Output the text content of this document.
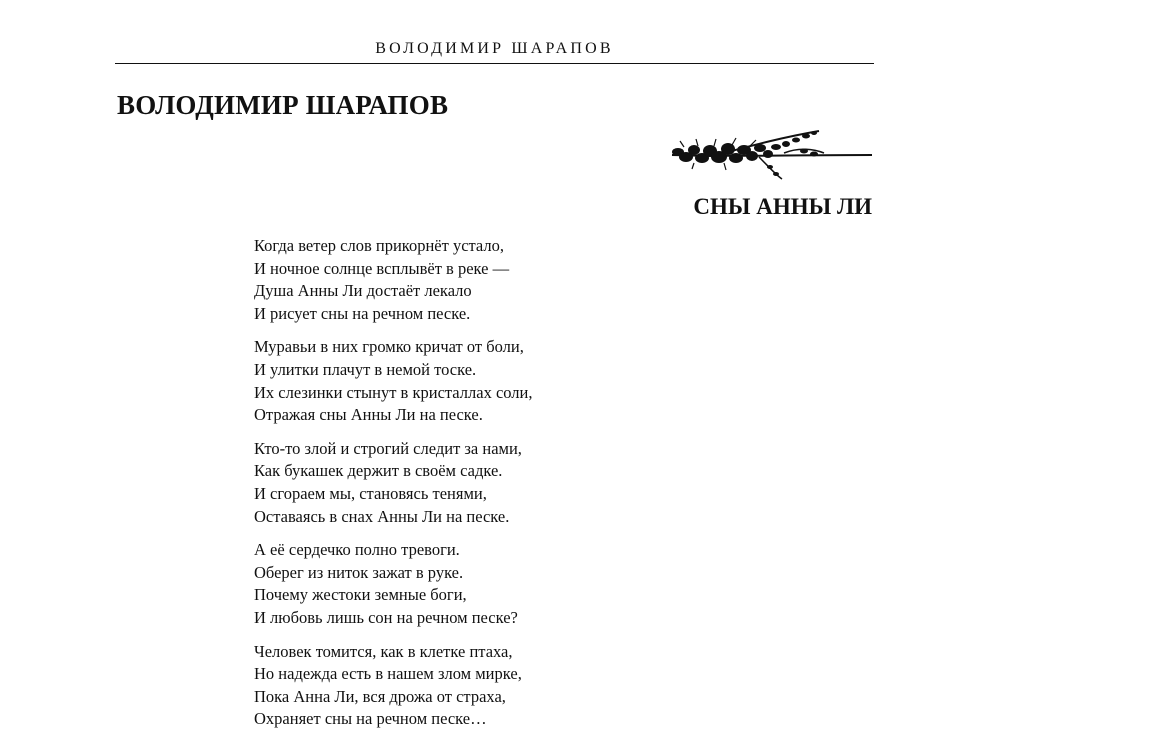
ВОЛОДИМИР ШАРАПОВ
ВОЛОДИМИР ШАРАПОВ
СНЫ АННЫ ЛИ
Когда ветер слов прикорнёт устало,
И ночное солнце всплывёт в реке —
Душа Анны Ли достаёт лекало
И рисует сны на речном песке.
Муравьи в них громко кричат от боли,
И улитки плачут в немой тоске.
Их слезинки стынут в кристаллах соли,
Отражая сны Анны Ли на песке.
Кто-то злой и строгий следит за нами,
Как букашек держит в своём садке.
И сгораем мы, становясь тенями,
Оставаясь в снах Анны Ли на песке.
А её сердечко полно тревоги.
Оберег из ниток зажат в руке.
Почему жестоки земные боги,
И любовь лишь сон на речном песке?
Человек томится, как в клетке птаха,
Но надежда есть в нашем злом мирке,
Пока Анна Ли, вся дрожа от страха,
Охраняет сны на речном песке…
